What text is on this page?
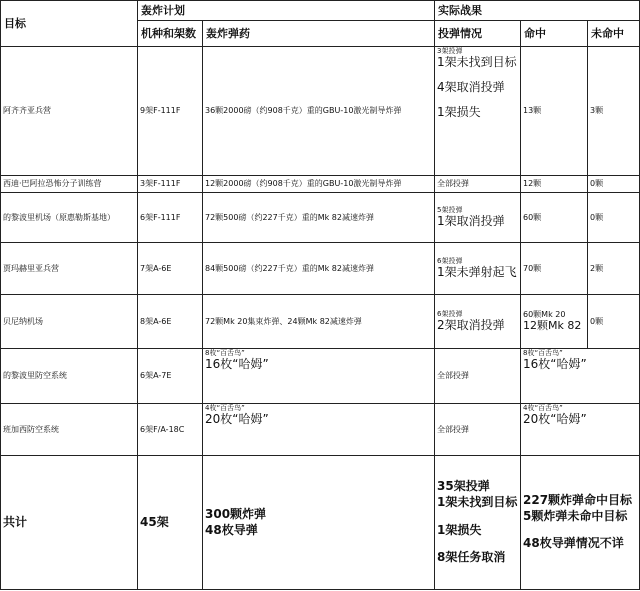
目标	轰炸计划		实际战果		
	机种和架数	轰炸弹药	投弹情况	命中	未命中
阿齐齐亚兵营	9架F-111F	36颗2000磅（约908千克）重的GBU-10激光制导炸弹	3架投弹
1架未找到目标
4架取消投弹
1架损失	13颗	3颗
西迪·巴阿拉恐怖分子训练营	3架F-111F	12颗2000磅（约908千克）重的GBU-10激光制导炸弹	全部投弹	12颗	0颗
的黎波里机场（原惠勒斯基地）	6架F-111F	72颗500磅（约227千克）重的Mk 82减速炸弹	5架投弹
1架取消投弹	60颗	0颗
贾玛赫里亚兵营	7架A-6E	84颗500磅（约227千克）重的Mk 82减速炸弹	6架投弹
1架未弹射起飞	70颗	2颗
贝尼纳机场	8架A-6E	72颗Mk 20集束炸弹、24颗Mk 82减速炸弹	6架投弹
2架取消投弹	60颗Mk 20
12颗Mk 82	0颗
的黎波里防空系统	6架A-7E	8枚“百舌鸟”
16枚“哈姆”	全部投弹	8枚“百舌鸟”
16枚“哈姆”	

班加西防空系统	6架F/A-18C	4枚“百舌鸟”
20枚“哈姆”	全部投弹	4枚“百舌鸟”
20枚“哈姆”	

共计	45架	300颗炸弹
48枚导弹	35架投弹
1架未找到目标
1架损失
8架任务取消	227颗炸弹命中目标
5颗炸弹未命中目标
48枚导弹情况不详	
